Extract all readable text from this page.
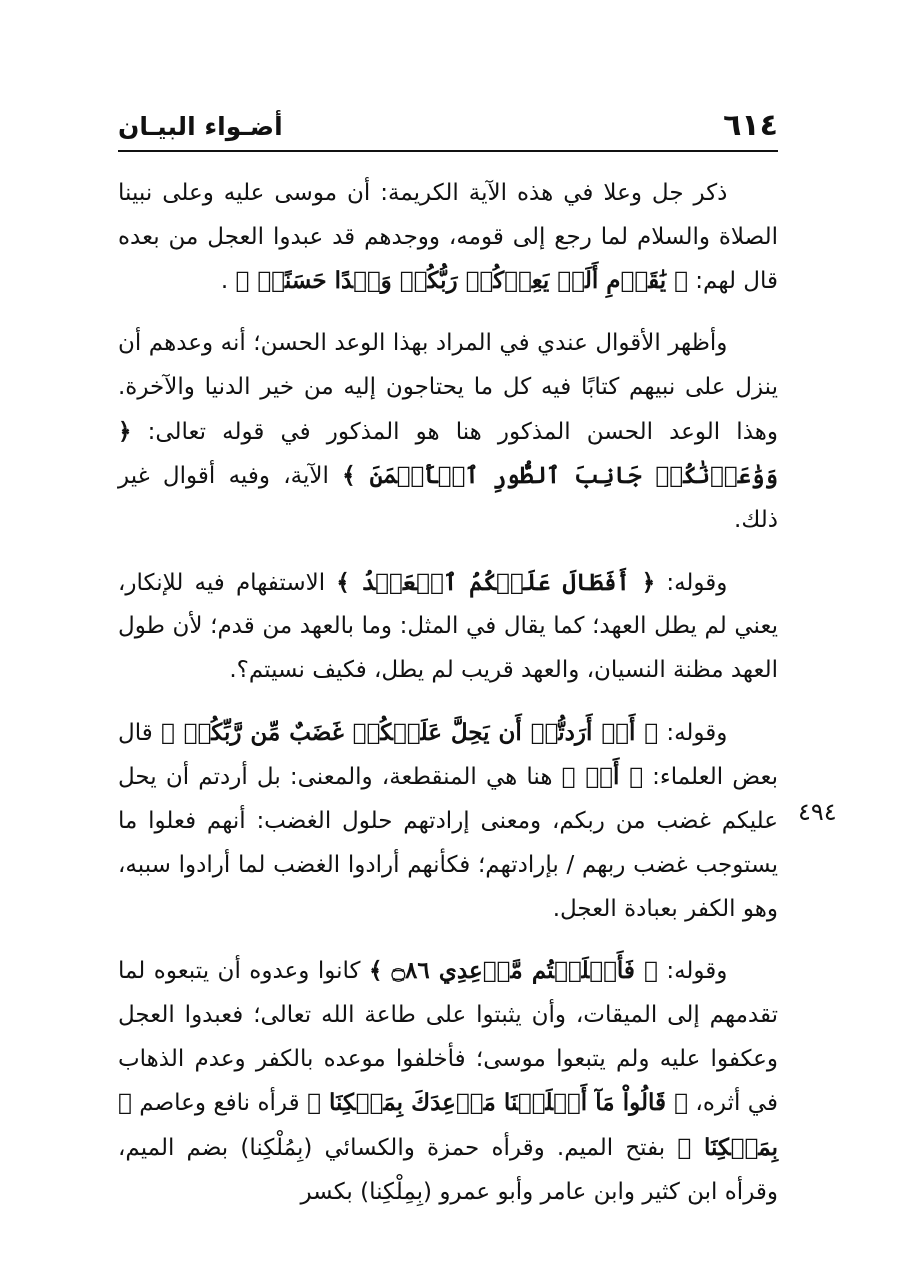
٦١٤
أضـواء البيـان
٤٩٤

ذكر جل وعلا في هذه الآية الكريمة: أن موسى عليه وعلى نبينا الصلاة والسلام لما رجع إلى قومه، ووجدهم قد عبدوا العجل من بعده قال لهم: ﴿ يَٰقَوۡمِ أَلَمۡ يَعِدۡكُمۡ رَبُّكُمۡ وَعۡدًا حَسَنًاۚ ﴾ .

وأظهر الأقوال عندي في المراد بهذا الوعد الحسن؛ أنه وعدهم أن ينزل على نبيهم كتابًا فيه كل ما يحتاجون إليه من خير الدنيا والآخرة. وهذا الوعد الحسن المذكور هنا هو المذكور في قوله تعالى: ﴿ وَوَٰعَدۡنَٰكُمۡ جَانِبَ ٱلطُّورِ ٱلۡأَيۡمَنَ ﴾ الآية، وفيه أقوال غير ذلك.

وقوله: ﴿ أَفَطَالَ عَلَيۡكُمُ ٱلۡعَهۡدُ ﴾ الاستفهام فيه للإنكار، يعني لم يطل العهد؛ كما يقال في المثل: وما بالعهد من قدم؛ لأن طول العهد مظنة النسيان، والعهد قريب لم يطل، فكيف نسيتم؟.

وقوله: ﴿ أَمۡ أَرَدتُّمۡ أَن يَحِلَّ عَلَيۡكُمۡ غَضَبٌ مِّن رَّبِّكُمۡ ﴾ قال بعض العلماء: ﴿ أَمۡ ﴾ هنا هي المنقطعة، والمعنى: بل أردتم أن يحل عليكم غضب من ربكم، ومعنى إرادتهم حلول الغضب: أنهم فعلوا ما يستوجب غضب ربهم / بإرادتهم؛ فكأنهم أرادوا الغضب لما أرادوا سببه، وهو الكفر بعبادة العجل.

وقوله: ﴿ فَأَخۡلَفۡتُم مَّوۡعِدِي ۝٨٦ ﴾ كانوا وعدوه أن يتبعوه لما تقدمهم إلى الميقات، وأن يثبتوا على طاعة الله تعالى؛ فعبدوا العجل وعكفوا عليه ولم يتبعوا موسى؛ فأخلفوا موعده بالكفر وعدم الذهاب في أثره، ﴿ قَالُواْ مَآ أَخۡلَفۡنَا مَوۡعِدَكَ بِمَلۡكِنَا ﴾ قرأه نافع وعاصم ﴿ بِمَلۡكِنَا ﴾ بفتح الميم. وقرأه حمزة والكسائي (بِمُلْكِنا) بضم الميم، وقرأه ابن كثير وابن عامر وأبو عمرو (بِمِلْكِنا) بكسر
